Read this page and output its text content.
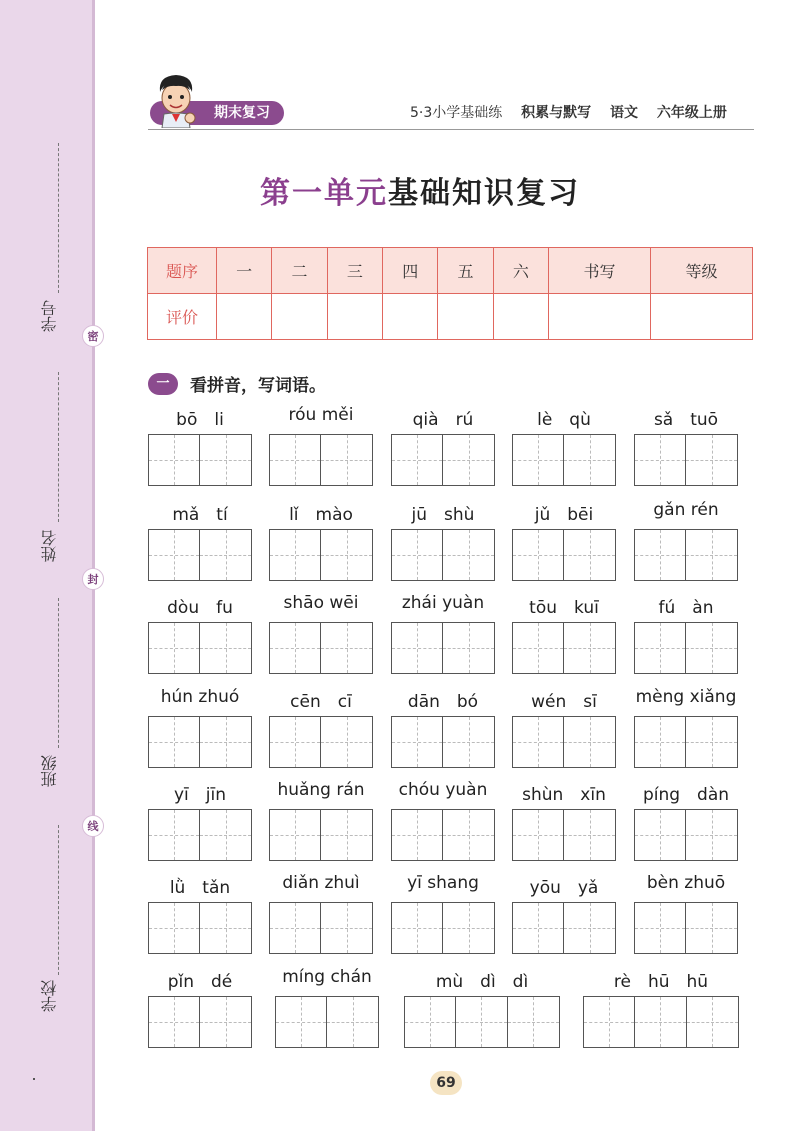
学号
密
姓名
封
班级
线
学校
期末复习	5·3小学基础练 积累与默写 语文 六年级上册
第一单元基础知识复习
题序	一	二	三	四	五	六	书写	等级
评价								
一	看拼音，写词语。
bō　li	róu měi	qià　rú	lè　qù	sǎ　tuō
mǎ　tí	lǐ　mào	jū　shù	jǔ　bēi	gǎn rén
dòu　fu	shāo wēi	zhái yuàn	tōu　kuī	fú　àn
hún zhuó	cēn　cī	dān　bó	wén　sī	mèng xiǎng
yī　jīn	huǎng rán	chóu yuàn	shùn　xīn	píng　dàn
lǜ　tǎn	diǎn zhuì	yī shang	yōu　yǎ	bèn zhuō
pǐn　dé	míng chán	mù　dì　dì	rè　hū　hū
69
